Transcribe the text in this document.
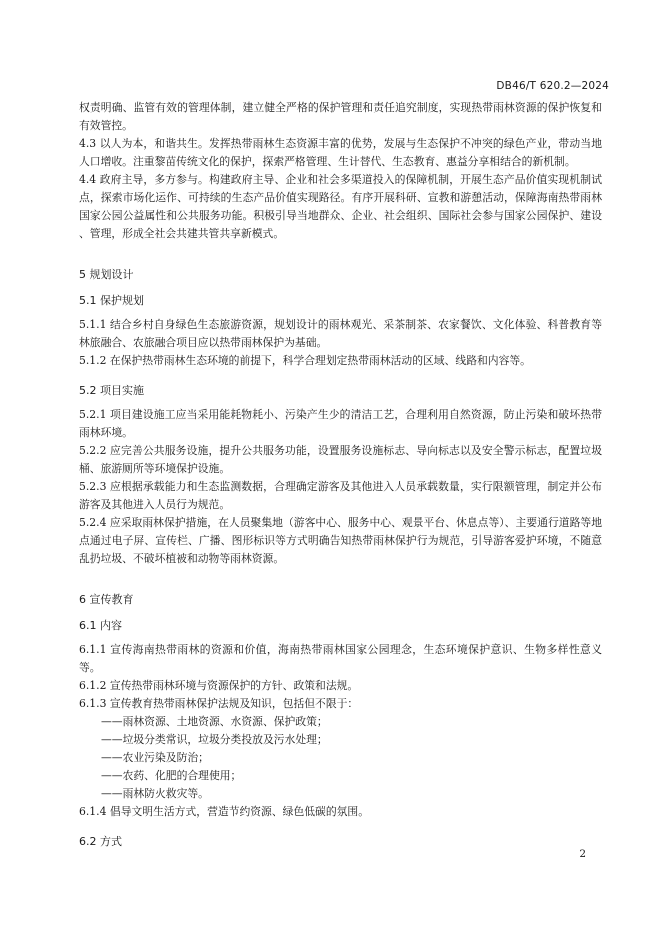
DB46/T 620.2—2024

权责明确、监管有效的管理体制，建立健全严格的保护管理和责任追究制度，实现热带雨林资源的保护恢复和有效管控。

4.3 以人为本，和谐共生。发挥热带雨林生态资源丰富的优势，发展与生态保护不冲突的绿色产业，带动当地人口增收。注重黎苗传统文化的保护，探索严格管理、生计替代、生态教育、惠益分享相结合的新机制。

4.4 政府主导，多方参与。构建政府主导、企业和社会多渠道投入的保障机制，开展生态产品价值实现机制试点，探索市场化运作、可持续的生态产品价值实现路径。有序开展科研、宣教和游憩活动，保障海南热带雨林国家公园公益属性和公共服务功能。积极引导当地群众、企业、社会组织、国际社会参与国家公园保护、建设 、管理，形成全社会共建共管共享新模式。

5 规划设计
5.1 保护规划

5.1.1 结合乡村自身绿色生态旅游资源，规划设计的雨林观光、采茶制茶、农家餐饮、文化体验、科普教育等林旅融合、农旅融合项目应以热带雨林保护为基础。

5.1.2 在保护热带雨林生态环境的前提下，科学合理划定热带雨林活动的区域、线路和内容等。

5.2 项目实施

5.2.1 项目建设施工应当采用能耗物耗小、污染产生少的清洁工艺，合理利用自然资源，防止污染和破坏热带雨林环境。

5.2.2 应完善公共服务设施，提升公共服务功能，设置服务设施标志、导向标志以及安全警示标志，配置垃圾桶、旅游厕所等环境保护设施。

5.2.3 应根据承载能力和生态监测数据，合理确定游客及其他进入人员承载数量，实行限额管理，制定并公布游客及其他进入人员行为规范。

5.2.4 应采取雨林保护措施，在人员聚集地（游客中心、服务中心、观景平台、休息点等）、主要通行道路等地点通过电子屏、宣传栏、广播、图形标识等方式明确告知热带雨林保护行为规范，引导游客爱护环境，不随意乱扔垃圾、不破坏植被和动物等雨林资源。

6 宣传教育
6.1 内容

6.1.1 宣传海南热带雨林的资源和价值，海南热带雨林国家公园理念，生态环境保护意识、生物多样性意义等。

6.1.2 宣传热带雨林环境与资源保护的方针、政策和法规。

6.1.3 宣传教育热带雨林保护法规及知识，包括但不限于：

——雨林资源、土地资源、水资源、保护政策；

——垃圾分类常识，垃圾分类投放及污水处理；

——农业污染及防治；

——农药、化肥的合理使用；

——雨林防火救灾等。

6.1.4 倡导文明生活方式，营造节约资源、绿色低碳的氛围。

6.2 方式
2
